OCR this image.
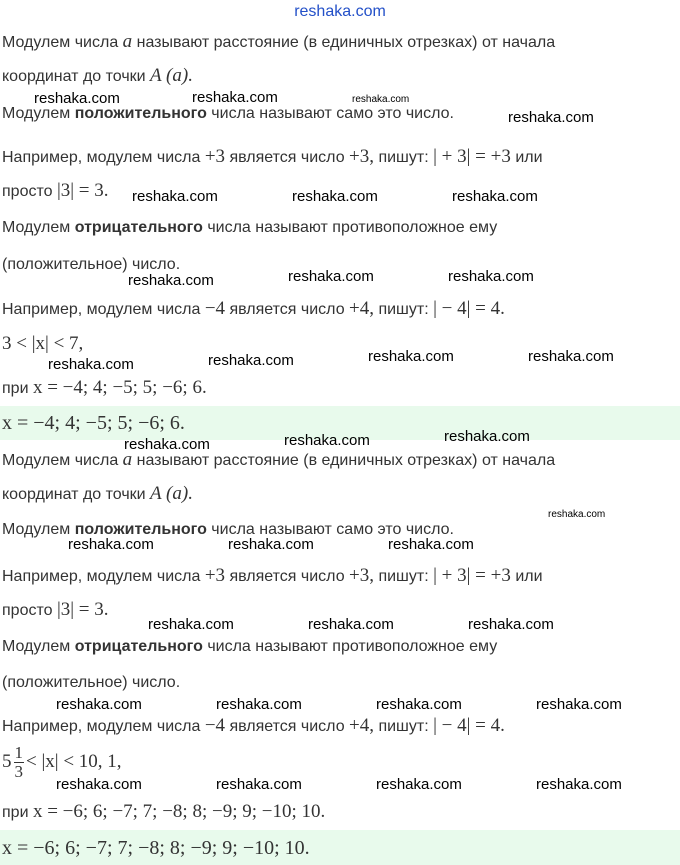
reshaka.com
Модулем числа a называют расстояние (в единичных отрезках) от начала
координат до точки A (a).
Модулем положительного числа называют само это число.
Например, модулем числа +3 является число +3, пишут: | + 3| = +3 или
просто |3| = 3.
Модулем отрицательного числа называют противоположное ему
(положительное) число.
Например, модулем числа −4 является число +4, пишут: | − 4| = 4.
3 < |x| < 7,
при x = −4; 4; −5; 5; −6; 6.
x = −4; 4; −5; 5; −6; 6.
Модулем числа a называют расстояние (в единичных отрезках) от начала
координат до точки A (a).
Модулем положительного числа называют само это число.
Например, модулем числа +3 является число +3, пишут: | + 3| = +3 или
просто |3| = 3.
Модулем отрицательного числа называют противоположное ему
(положительное) число.
Например, модулем числа −4 является число +4, пишут: | − 4| = 4.
$5 \frac{1}{3} < |x| < 10$, 1,
при x = −6; 6; −7; 7; −8; 8; −9; 9; −10; 10.
x = −6; 6; −7; 7; −8; 8; −9; 9; −10; 10.
reshaka.com	reshaka.com	reshaka.com
reshaka.com
reshaka.com	reshaka.com	reshaka.com
reshaka.com	reshaka.com	reshaka.com
reshaka.com	reshaka.com	reshaka.com	reshaka.com
reshaka.com	reshaka.com	reshaka.com
reshaka.com
reshaka.com	reshaka.com	reshaka.com
reshaka.com	reshaka.com	reshaka.com
reshaka.com	reshaka.com	reshaka.com	reshaka.com
reshaka.com	reshaka.com	reshaka.com	reshaka.com
